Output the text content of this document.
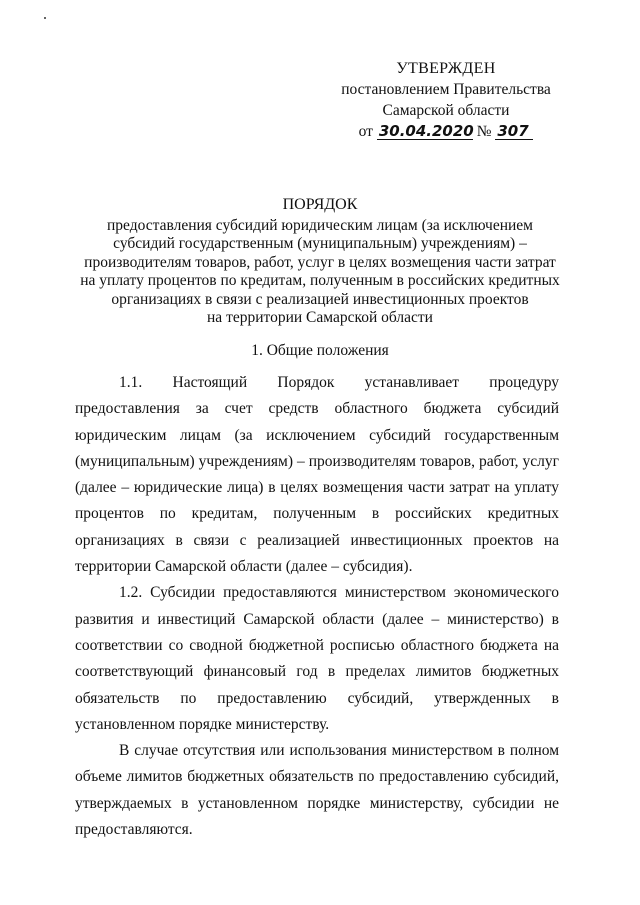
УТВЕРЖДЕН
постановлением Правительства
Самарской области
от 30.04.2020 № 307
ПОРЯДОК
предоставления субсидий юридическим лицам (за исключением
субсидий государственным (муниципальным) учреждениям) –
производителям товаров, работ, услуг в целях возмещения части затрат
на уплату процентов по кредитам, полученным в российских кредитных
организациях в связи с реализацией инвестиционных проектов
на территории Самарской области
1. Общие положения

1.1. Настоящий Порядок устанавливает процедуру предоставления за счет средств областного бюджета субсидий юридическим лицам (за исключением субсидий государственным (муниципальным) учреждениям) – производителям товаров, работ, услуг (далее – юридические лица) в целях возмещения части затрат на уплату процентов по кредитам, полученным в российских кредитных организациях в связи с реализацией инвестиционных проектов на территории Самарской области (далее – субсидия).

1.2. Субсидии предоставляются министерством экономического развития и инвестиций Самарской области (далее – министерство) в соответствии со сводной бюджетной росписью областного бюджета на соответствующий финансовый год в пределах лимитов бюджетных обязательств по предоставлению субсидий, утвержденных в установленном порядке министерству.

В случае отсутствия или использования министерством в полном объеме лимитов бюджетных обязательств по предоставлению субсидий, утверждаемых в установленном порядке министерству, субсидии не предоставляются.
